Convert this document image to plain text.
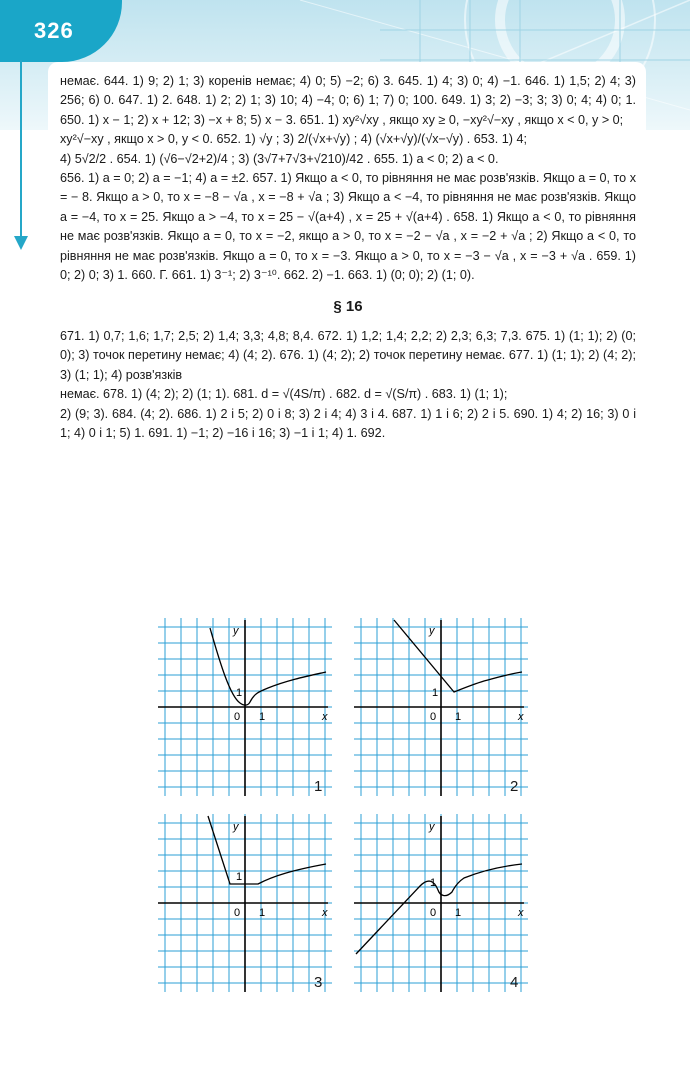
326

немає. 644. 1) 9; 2) 1; 3) коренів немає; 4) 0; 5) −2; 6) 3. 645. 1) 4; 3) 0; 4) −1. 646. 1) 1,5; 2) 4; 3) 256; 6) 0. 647. 1) 2. 648. 1) 2; 2) 1; 3) 10; 4) −4; 0; 6) 1; 7) 0; 100. 649. 1) 3; 2) −3; 3; 3) 0; 4; 4) 0; 1. 650. 1) x − 1; 2) x + 12; 3) −x + 8; 5) x − 3. 651. 1) xy²√xy , якщо xy ≥ 0, −xy²√−xy , якщо x < 0, y > 0;

xy²√−xy , якщо x > 0, y < 0. 652. 1) √y ; 3) 2/(√x+√y) ; 4) (√x+√y)/(√x−√y) . 653. 1) 4;

4) 5√2/2 . 654. 1) (√6−√2+2)/4 ; 3) (3√7+7√3+√210)/42 . 655. 1) a < 0; 2) a < 0.

656. 1) a = 0; 2) a = −1; 4) a = ±2. 657. 1) Якщо a < 0, то рівняння не має розв'язків. Якщо a = 0, то x = − 8. Якщо a > 0, то x = −8 − √a , x = −8 + √a ; 3) Якщо a < −4, то рівняння не має розв'язків. Якщо a = −4, то x = 25. Якщо a > −4, то x = 25 − √(a+4) , x = 25 + √(a+4) . 658. 1) Якщо a < 0, то рівняння не має розв'язків. Якщо a = 0, то x = −2, якщо a > 0, то x = −2 − √a , x = −2 + √a ; 2) Якщо a < 0, то рівняння не має розв'язків. Якщо a = 0, то x = −3. Якщо a > 0, то x = −3 − √a , x = −3 + √a . 659. 1) 0; 2) 0; 3) 1. 660. Г. 661. 1) 3⁻¹; 2) 3⁻¹⁰. 662. 2) −1. 663. 1) (0; 0); 2) (1; 0).

§ 16

671. 1) 0,7; 1,6; 1,7; 2,5; 2) 1,4; 3,3; 4,8; 8,4. 672. 1) 1,2; 1,4; 2,2; 2) 2,3; 6,3; 7,3. 675. 1) (1; 1); 2) (0; 0); 3) точок перетину немає; 4) (4; 2). 676. 1) (4; 2); 2) точок перетину немає. 677. 1) (1; 1); 2) (4; 2); 3) (1; 1); 4) розв'язків

немає. 678. 1) (4; 2); 2) (1; 1). 681. d = √(4S/π) . 682. d = √(S/π) . 683. 1) (1; 1);

2) (9; 3). 684. (4; 2). 686. 1) 2 і 5; 2) 0 і 8; 3) 2 і 4; 4) 3 і 4. 687. 1) 1 і 6; 2) 2 і 5. 690. 1) 4; 2) 16; 3) 0 і 1; 4) 0 і 1; 5) 1. 691. 1) −1; 2) −16 і 16; 3) −1 і 1; 4) 1. 692.

y
x
0 1
1
1
y
x
0 1
1
2
y
x
0 1
1
3
y
x
0 1
1
4
